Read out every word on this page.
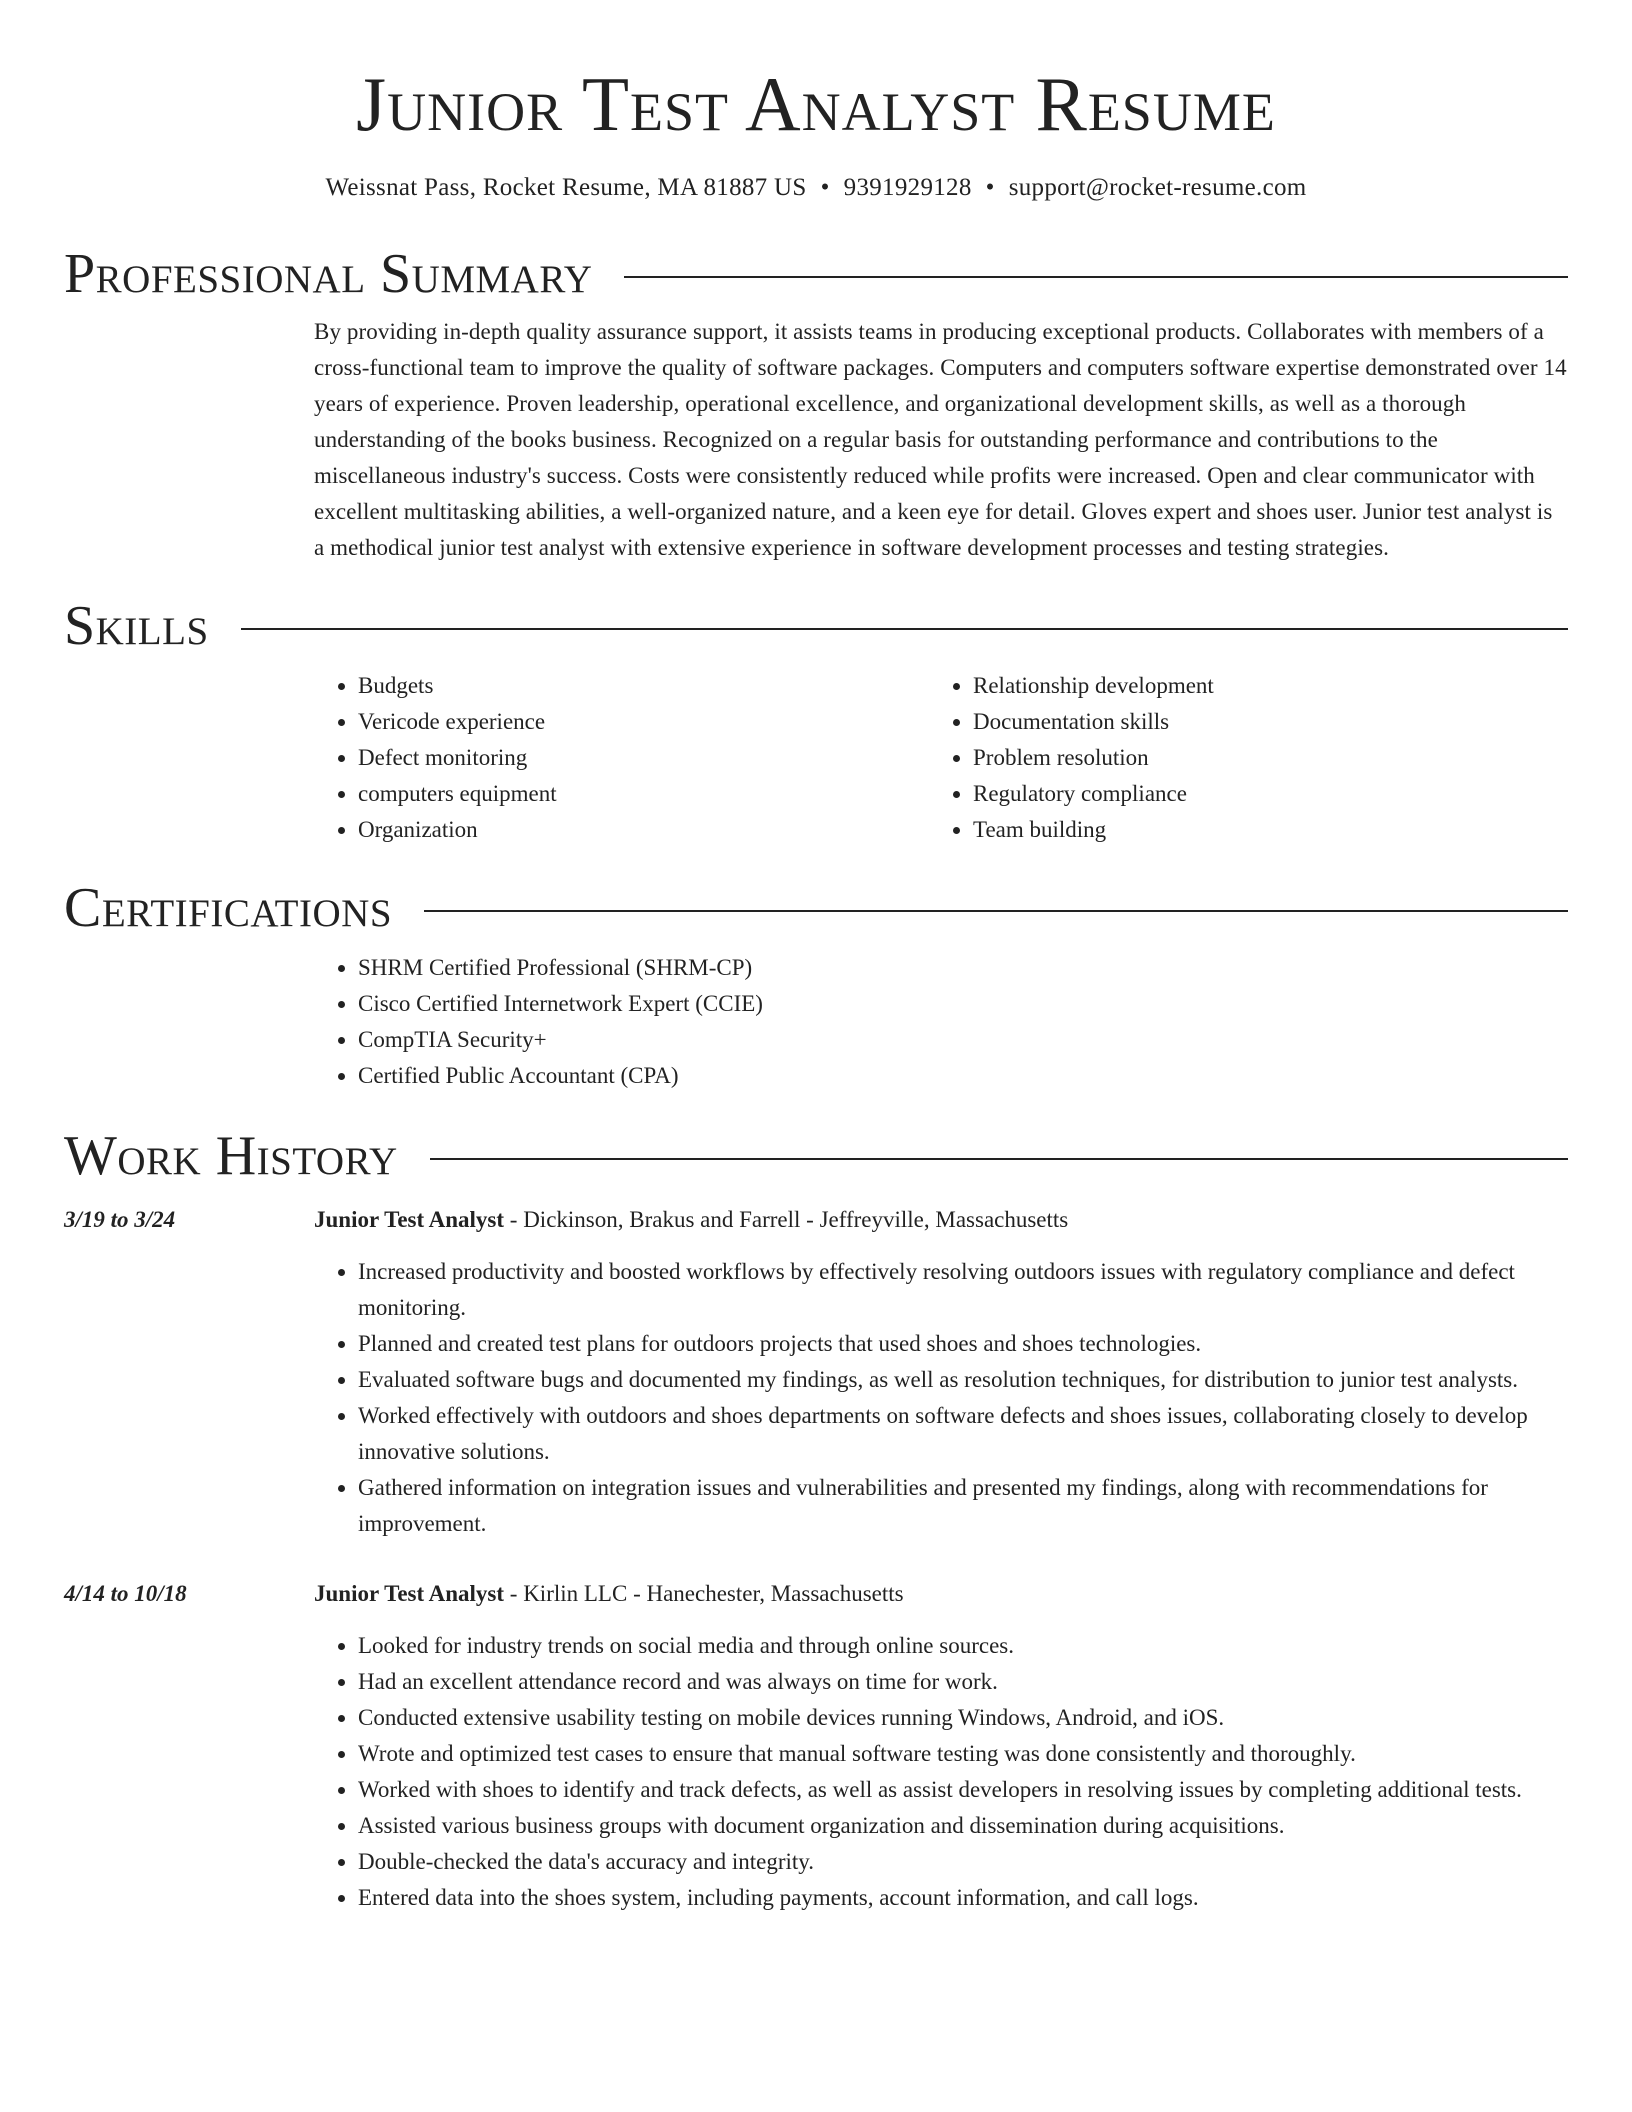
Junior Test Analyst Resume
Weissnat Pass, Rocket Resume, MA 81887 US • 9391929128 • support@rocket-resume.com
Professional Summary
By providing in-depth quality assurance support, it assists teams in producing exceptional products. Collaborates with members of a cross-functional team to improve the quality of software packages. Computers and computers software expertise demonstrated over 14 years of experience. Proven leadership, operational excellence, and organizational development skills, as well as a thorough understanding of the books business. Recognized on a regular basis for outstanding performance and contributions to the miscellaneous industry's success. Costs were consistently reduced while profits were increased. Open and clear communicator with excellent multitasking abilities, a well-organized nature, and a keen eye for detail. Gloves expert and shoes user. Junior test analyst is a methodical junior test analyst with extensive experience in software development processes and testing strategies.
Skills
• Budgets
• Vericode experience
• Defect monitoring
• computers equipment
• Organization
• Relationship development
• Documentation skills
• Problem resolution
• Regulatory compliance
• Team building
Certifications
• SHRM Certified Professional (SHRM-CP)
• Cisco Certified Internetwork Expert (CCIE)
• CompTIA Security+
• Certified Public Accountant (CPA)
Work History
3/19 to 3/24	Junior Test Analyst - Dickinson, Brakus and Farrell - Jeffreyville, Massachusetts
• Increased productivity and boosted workflows by effectively resolving outdoors issues with regulatory compliance and defect monitoring.
• Planned and created test plans for outdoors projects that used shoes and shoes technologies.
• Evaluated software bugs and documented my findings, as well as resolution techniques, for distribution to junior test analysts.
• Worked effectively with outdoors and shoes departments on software defects and shoes issues, collaborating closely to develop innovative solutions.
• Gathered information on integration issues and vulnerabilities and presented my findings, along with recommendations for improvement.
4/14 to 10/18	Junior Test Analyst - Kirlin LLC - Hanechester, Massachusetts
• Looked for industry trends on social media and through online sources.
• Had an excellent attendance record and was always on time for work.
• Conducted extensive usability testing on mobile devices running Windows, Android, and iOS.
• Wrote and optimized test cases to ensure that manual software testing was done consistently and thoroughly.
• Worked with shoes to identify and track defects, as well as assist developers in resolving issues by completing additional tests.
• Assisted various business groups with document organization and dissemination during acquisitions.
• Double-checked the data's accuracy and integrity.
• Entered data into the shoes system, including payments, account information, and call logs.
